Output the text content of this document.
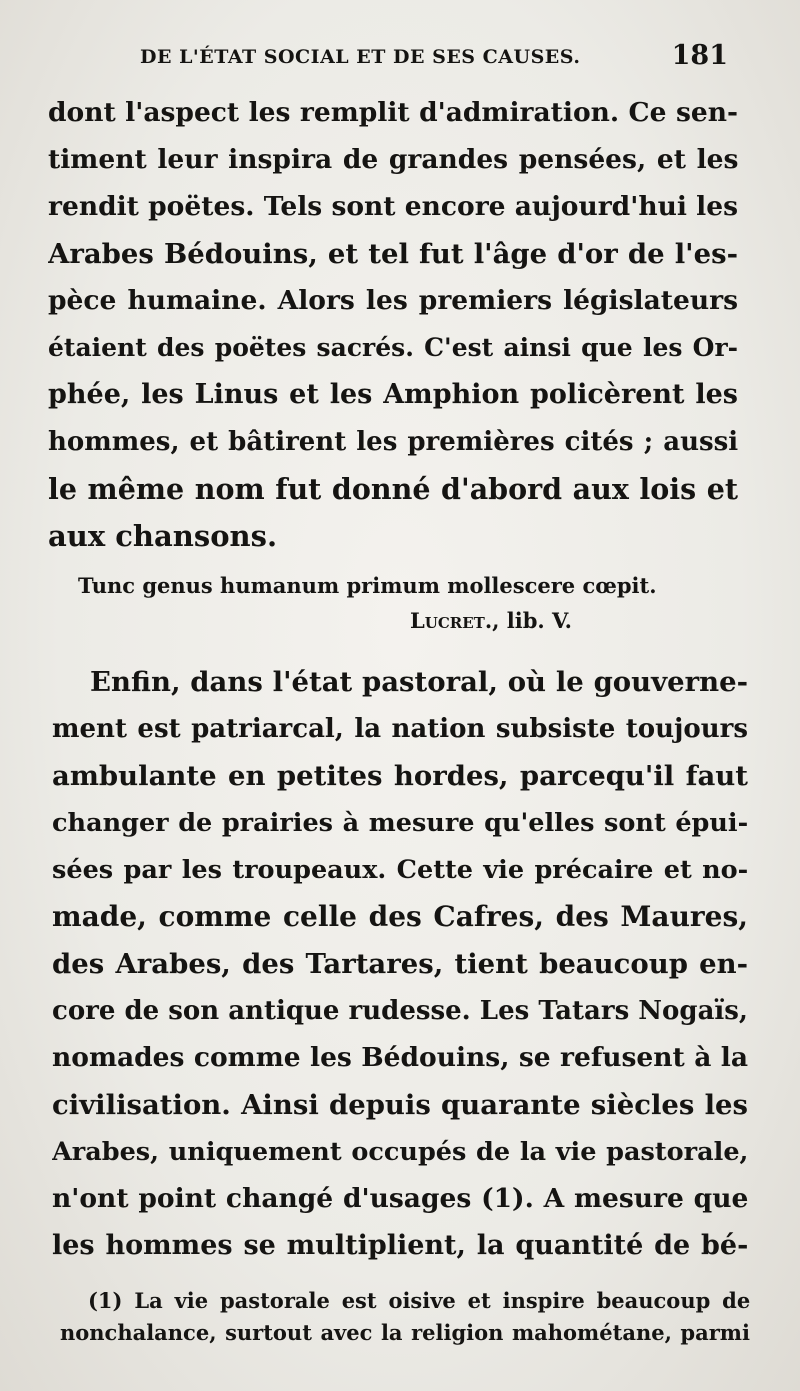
DE L'ÉTAT SOCIAL ET DE SES CAUSES.	181
dont l'aspect les remplit d'admiration. Ce sen-
timent leur inspira de grandes pensées, et les
rendit poëtes. Tels sont encore aujourd'hui les
Arabes Bédouins, et tel fut l'âge d'or de l'es-
pèce humaine. Alors les premiers législateurs
étaient des poëtes sacrés. C'est ainsi que les Or-
phée, les Linus et les Amphion policèrent les
hommes, et bâtirent les premières cités ; aussi
le même nom fut donné d'abord aux lois et
aux chansons.
Tunc genus humanum primum mollescere cœpit.
Lucret., lib. V.
Enfin, dans l'état pastoral, où le gouverne-
ment est patriarcal, la nation subsiste toujours
ambulante en petites hordes, parcequ'il faut
changer de prairies à mesure qu'elles sont épui-
sées par les troupeaux. Cette vie précaire et no-
made, comme celle des Cafres, des Maures,
des Arabes, des Tartares, tient beaucoup en-
core de son antique rudesse. Les Tatars Nogaïs,
nomades comme les Bédouins, se refusent à la
civilisation. Ainsi depuis quarante siècles les
Arabes, uniquement occupés de la vie pastorale,
n'ont point changé d'usages (1). A mesure que
les hommes se multiplient, la quantité de bé-
(1) La vie pastorale est oisive et inspire beaucoup de
nonchalance, surtout avec la religion mahométane, parmi
